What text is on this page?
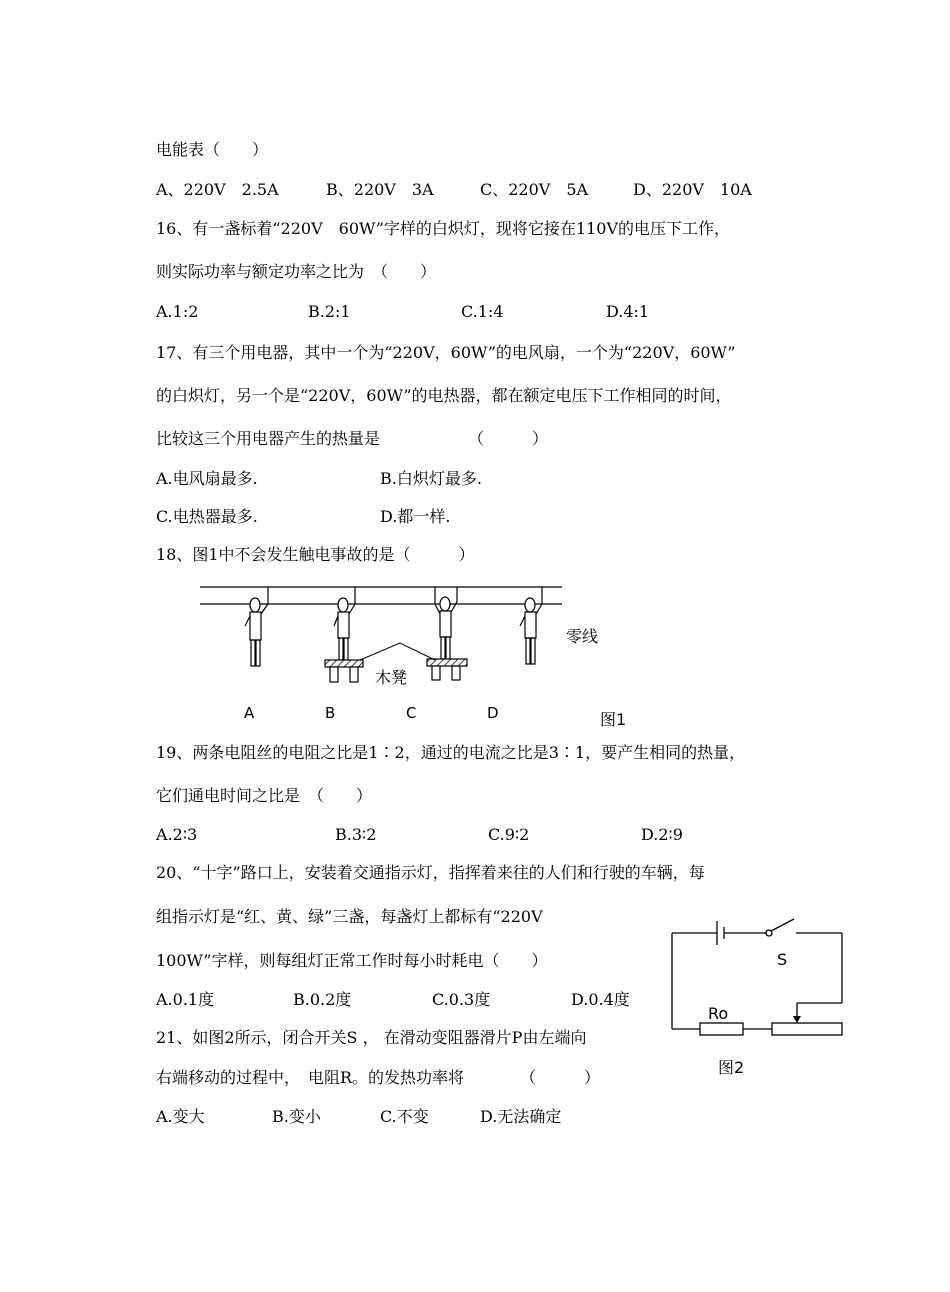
电能表（　　）
A、220V　2.5A	B、220V　3A	C、220V　5A	D、220V　10A
16、有一盏标着“220V　60W”字样的白炽灯，现将它接在110V的电压下工作，
则实际功率与额定功率之比为　（　　）
A.1:2	B.2:1	C.1:4	D.4:1
17、有三个用电器，其中一个为“220V，60W”的电风扇，一个为“220V，60W”
的白炽灯，另一个是“220V，60W”的电热器，都在额定电压下工作相同的时间，
比较这三个用电器产生的热量是　　　　　　（　　　）
A.电风扇最多.	B.白炽灯最多.
C.电热器最多.	D.都一样.
18、图1中不会发生触电事故的是（　　　）
零线
木凳
A	B	C	D	图1
19、两条电阻丝的电阻之比是1∶2，通过的电流之比是3∶1，要产生相同的热量，
它们通电时间之比是　（　　）
A.2∶3	B.3∶2	C.9∶2	D.2∶9
20、“十字”路口上，安装着交通指示灯，指挥着来往的人们和行驶的车辆，每
组指示灯是“红、黄、绿”三盏，每盏灯上都标有“220V
100W”字样，则每组灯正常工作时每小时耗电（　　）
A.0.1度	B.0.2度	C.0.3度	D.0.4度
21、如图2所示，闭合开关S ， 在滑动变阻器滑片P由左端向
右端移动的过程中，　电阻R。的发热功率将　　　　（　　　）
A.变大	B.变小	C.不变	D.无法确定
S
Ro
图2
